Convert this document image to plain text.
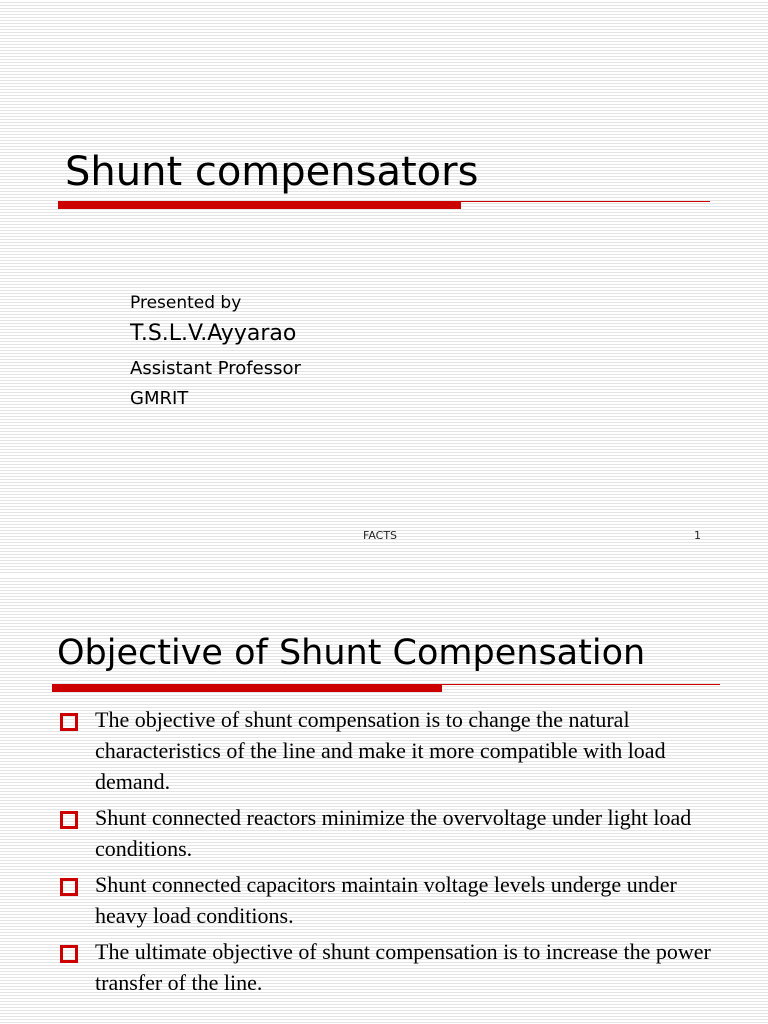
Shunt compensators
Presented by
T.S.L.V.Ayyarao
Assistant Professor
GMRIT
FACTS	1
Objective of Shunt Compensation
The objective of shunt compensation is to change the natural characteristics of the line and make it more compatible with load demand.
Shunt connected reactors minimize the overvoltage under light load conditions.
Shunt connected capacitors maintain voltage levels underge under heavy load conditions.
The ultimate objective of shunt compensation is to increase the power transfer of the line.
